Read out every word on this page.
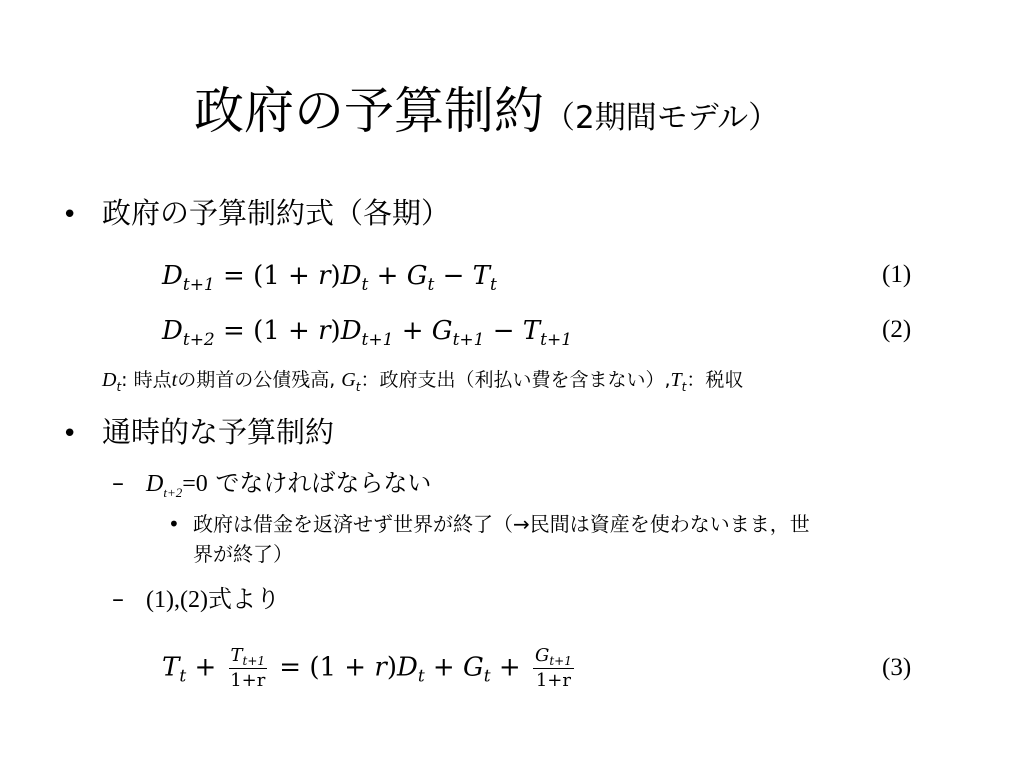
政府の予算制約（2期間モデル）
• 政府の予算制約式（各期）
$D_{t+1} = (1 + r)D_t + G_t - T_t$	(1)
$D_{t+2} = (1 + r)D_{t+1} + G_{t+1} - T_{t+1}$	(2)
$D_t$: 時点tの期首の公債残高, $G_t$：政府支出（利払い費を含まない）$,T_t$：税収
• 通時的な予算制約
– $D_{t+2}=0$ でなければならない
• 政府は借金を返済せず世界が終了（→民間は資産を使わないまま，世
界が終了）
– (1),(2)式より
$T_t + \frac{T_{t+1}}{1+r} = (1 + r)D_t + G_t + \frac{G_{t+1}}{1+r}$	(3)
